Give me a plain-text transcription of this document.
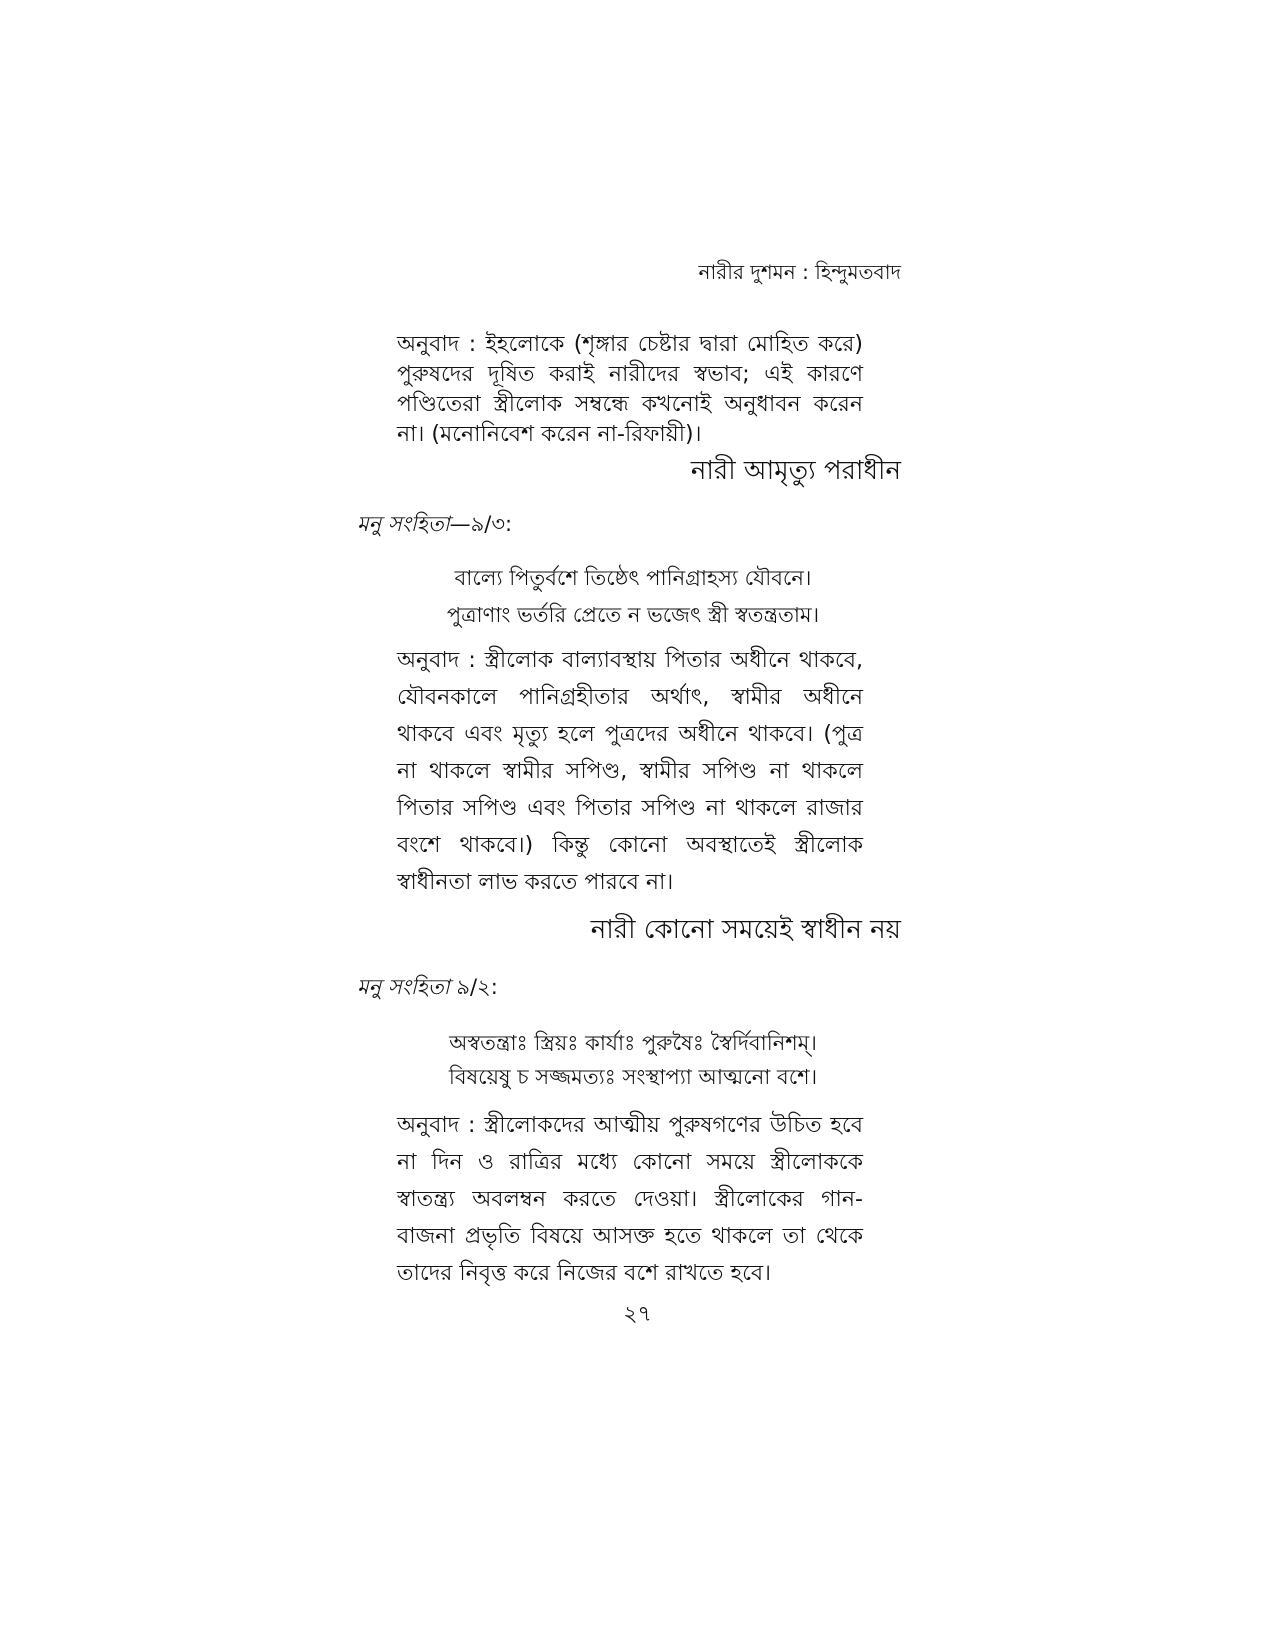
নারীর দুশমন : হিন্দুমতবাদ

অনুবাদ : ইহলোকে (শৃঙ্গার চেষ্টার দ্বারা মোহিত করে) পুরুষদের দূষিত করাই নারীদের স্বভাব; এই কারণে পণ্ডিতেরা স্ত্রীলোক সম্বন্ধে কখনোই অনুধাবন করেন না। (মনোনিবেশ করেন না-রিফায়ী)।

নারী আমৃত্যু পরাধীন
মনু সংহিতা—৯/৩:
বাল্যে পিতুর্বশে তিষ্ঠেৎ পানিগ্রাহস্য যৌবনে।
পুত্রাণাং ভর্তরি প্রেতে ন ভজেৎ স্ত্রী স্বতন্ত্রতাম।

অনুবাদ : স্ত্রীলোক বাল্যাবস্থায় পিতার অধীনে থাকবে, যৌবনকালে পানিগ্রহীতার অর্থাৎ, স্বামীর অধীনে থাকবে এবং মৃত্যু হলে পুত্রদের অধীনে থাকবে। (পুত্র না থাকলে স্বামীর সপিণ্ড, স্বামীর সপিণ্ড না থাকলে পিতার সপিণ্ড এবং পিতার সপিণ্ড না থাকলে রাজার বংশে থাকবে।) কিন্তু কোনো অবস্থাতেই স্ত্রীলোক স্বাধীনতা লাভ করতে পারবে না।

নারী কোনো সময়েই স্বাধীন নয়
মনু সংহিতা ৯/২:
অস্বতন্ত্রাঃ স্ত্রিয়ঃ কার্যাঃ পুরুষৈঃ স্বৈর্দিবানিশম্।
বিষয়েষু চ সজ্জমত্যঃ সংস্থাপ্যা আত্মনো বশে।

অনুবাদ : স্ত্রীলোকদের আত্মীয় পুরুষগণের উচিত হবে না দিন ও রাত্রির মধ্যে কোনো সময়ে স্ত্রীলোককে স্বাতন্ত্র্য অবলম্বন করতে দেওয়া। স্ত্রীলোকের গান-বাজনা প্রভৃতি বিষয়ে আসক্ত হতে থাকলে তা থেকে তাদের নিবৃত্ত করে নিজের বশে রাখতে হবে।

২৭
